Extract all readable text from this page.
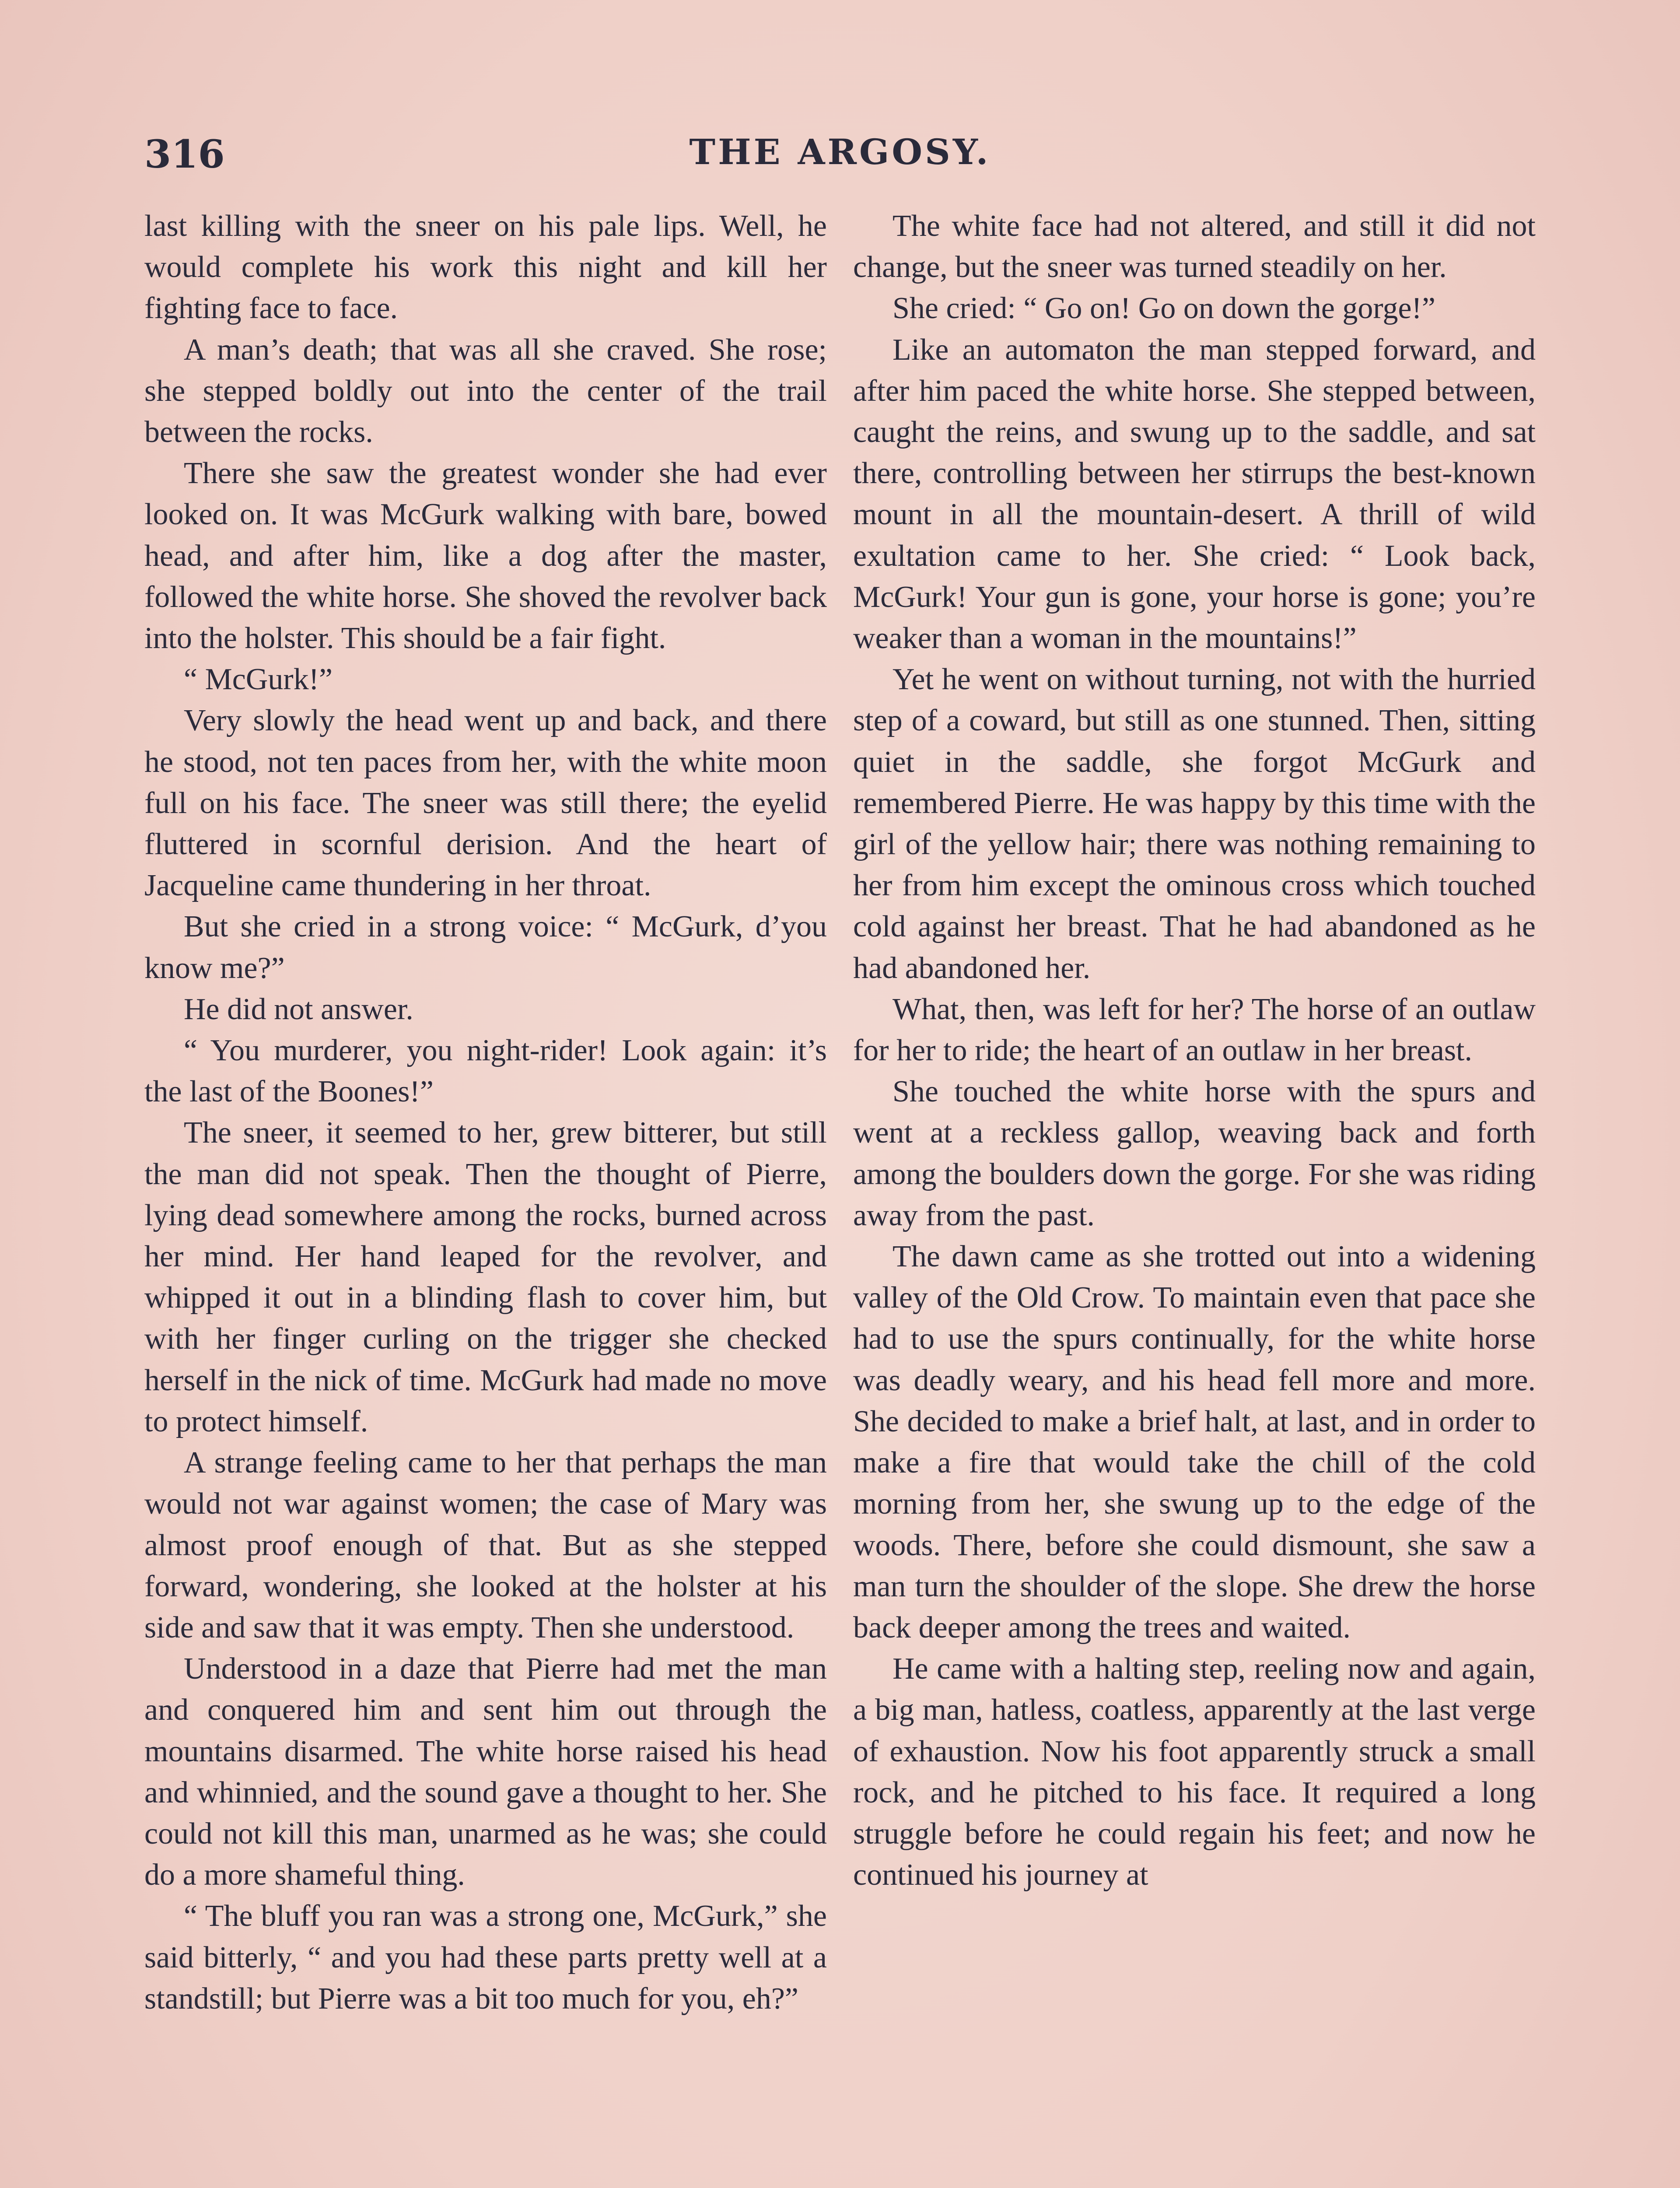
316	THE ARGOSY.

last killing with the sneer on his pale lips. Well, he would complete his work this night and kill her fighting face to face.

A man’s death; that was all she craved. She rose; she stepped boldly out into the center of the trail between the rocks.

There she saw the greatest wonder she had ever looked on. It was McGurk walking with bare, bowed head, and after him, like a dog after the master, followed the white horse. She shoved the revolver back into the holster. This should be a fair fight.

“ McGurk!”

Very slowly the head went up and back, and there he stood, not ten paces from her, with the white moon full on his face. The sneer was still there; the eyelid fluttered in scornful derision. And the heart of Jacqueline came thundering in her throat.

But she cried in a strong voice: “ McGurk, d’you know me?”

He did not answer.

“ You murderer, you night-rider! Look again: it’s the last of the Boones!”

The sneer, it seemed to her, grew bitterer, but still the man did not speak. Then the thought of Pierre, lying dead somewhere among the rocks, burned across her mind. Her hand leaped for the revolver, and whipped it out in a blinding flash to cover him, but with her finger curling on the trigger she checked herself in the nick of time. McGurk had made no move to protect himself.

A strange feeling came to her that perhaps the man would not war against women; the case of Mary was almost proof enough of that. But as she stepped forward, wondering, she looked at the holster at his side and saw that it was empty. Then she understood.

Understood in a daze that Pierre had met the man and conquered him and sent him out through the mountains disarmed. The white horse raised his head and whinnied, and the sound gave a thought to her. She could not kill this man, unarmed as he was; she could do a more shameful thing.

“ The bluff you ran was a strong one, McGurk,” she said bitterly, “ and you had these parts pretty well at a standstill; but Pierre was a bit too much for you, eh?”

The white face had not altered, and still it did not change, but the sneer was turned steadily on her.

She cried: “ Go on! Go on down the gorge!”

Like an automaton the man stepped forward, and after him paced the white horse. She stepped between, caught the reins, and swung up to the saddle, and sat there, controlling between her stirrups the best-known mount in all the mountain-desert. A thrill of wild exultation came to her. She cried: “ Look back, McGurk! Your gun is gone, your horse is gone; you’re weaker than a woman in the mountains!”

Yet he went on without turning, not with the hurried step of a coward, but still as one stunned. Then, sitting quiet in the saddle, she forgot McGurk and remembered Pierre. He was happy by this time with the girl of the yellow hair; there was nothing remaining to her from him except the ominous cross which touched cold against her breast. That he had abandoned as he had abandoned her.

What, then, was left for her? The horse of an outlaw for her to ride; the heart of an outlaw in her breast.

She touched the white horse with the spurs and went at a reckless gallop, weaving back and forth among the boulders down the gorge. For she was riding away from the past.

The dawn came as she trotted out into a widening valley of the Old Crow. To maintain even that pace she had to use the spurs continually, for the white horse was deadly weary, and his head fell more and more. She decided to make a brief halt, at last, and in order to make a fire that would take the chill of the cold morning from her, she swung up to the edge of the woods. There, before she could dismount, she saw a man turn the shoulder of the slope. She drew the horse back deeper among the trees and waited.

He came with a halting step, reeling now and again, a big man, hatless, coatless, apparently at the last verge of exhaustion. Now his foot apparently struck a small rock, and he pitched to his face. It required a long struggle before he could regain his feet; and now he continued his journey at
